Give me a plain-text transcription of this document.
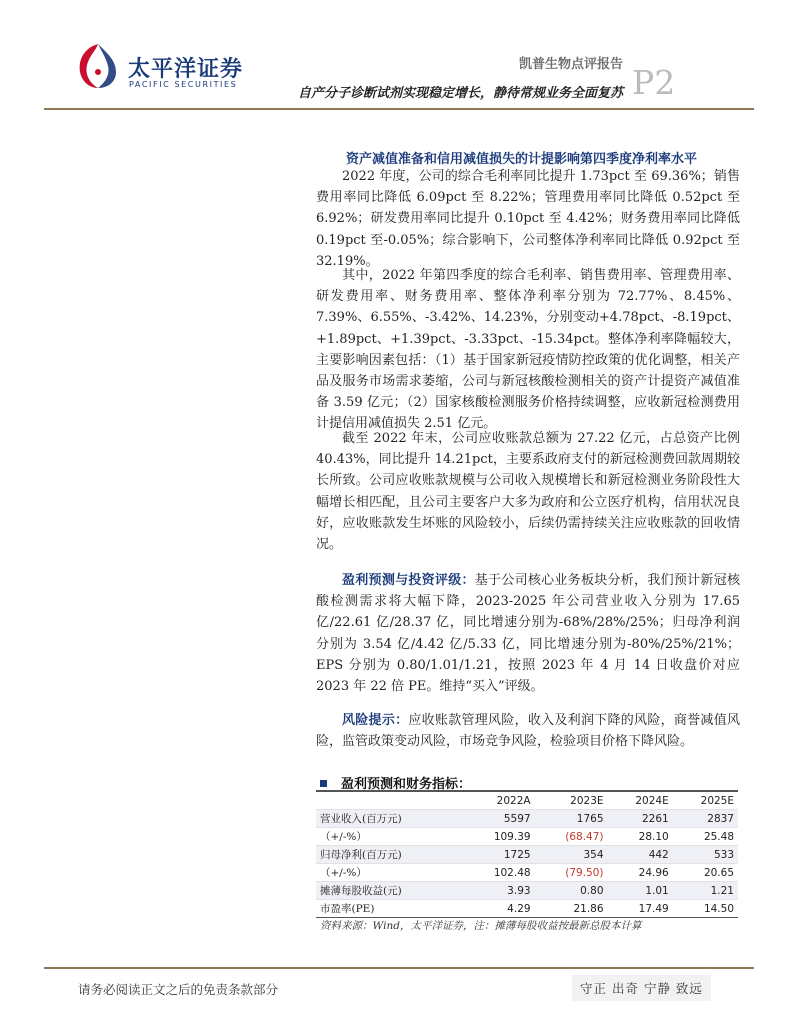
太平洋证券
PACIFIC SECURITIES
凯普生物点评报告
自产分子诊断试剂实现稳定增长，静待常规业务全面复苏 P2
资产减值准备和信用减值损失的计提影响第四季度净利率水平
2022 年度，公司的综合毛利率同比提升 1.73pct 至 69.36%；销售费用率同比降低 6.09pct 至 8.22%；管理费用率同比降低 0.52pct 至 6.92%；研发费用率同比提升 0.10pct 至 4.42%；财务费用率同比降低 0.19pct 至-0.05%；综合影响下，公司整体净利率同比降低 0.92pct 至 32.19%。
其中，2022 年第四季度的综合毛利率、销售费用率、管理费用率、研发费用率、财务费用率、整体净利率分别为 72.77%、8.45%、7.39%、6.55%、-3.42%、14.23%，分别变动+4.78pct、-8.19pct、+1.89pct、+1.39pct、-3.33pct、-15.34pct。整体净利率降幅较大，主要影响因素包括：（1）基于国家新冠疫情防控政策的优化调整，相关产品及服务市场需求萎缩，公司与新冠核酸检测相关的资产计提资产减值准备 3.59 亿元；（2）国家核酸检测服务价格持续调整，应收新冠检测费用计提信用减值损失 2.51 亿元。
截至 2022 年末，公司应收账款总额为 27.22 亿元，占总资产比例 40.43%，同比提升 14.21pct，主要系政府支付的新冠检测费回款周期较长所致。公司应收账款规模与公司收入规模增长和新冠检测业务阶段性大幅增长相匹配，且公司主要客户大多为政府和公立医疗机构，信用状况良好，应收账款发生坏账的风险较小，后续仍需持续关注应收账款的回收情况。
盈利预测与投资评级：基于公司核心业务板块分析，我们预计新冠核酸检测需求将大幅下降，2023-2025 年公司营业收入分别为 17.65 亿/22.61 亿/28.37 亿，同比增速分别为-68%/28%/25%；归母净利润分别为 3.54 亿/4.42 亿/5.33 亿，同比增速分别为-80%/25%/21%；EPS 分别为 0.80/1.01/1.21，按照 2023 年 4 月 14 日收盘价对应 2023 年 22 倍 PE。维持“买入”评级。
风险提示：应收账款管理风险，收入及利润下降的风险，商誉减值风险，监管政策变动风险，市场竞争风险，检验项目价格下降风险。
盈利预测和财务指标：
	2022A	2023E	2024E	2025E
营业收入(百万元)	5597	1765	2261	2837
（+/-%）	109.39	(68.47)	28.10	25.48
归母净利(百万元)	1725	354	442	533
（+/-%）	102.48	(79.50)	24.96	20.65
摊薄每股收益(元)	3.93	0.80	1.01	1.21
市盈率(PE)	4.29	21.86	17.49	14.50
资料来源：Wind，太平洋证券，注：摊薄每股收益按最新总股本计算
请务必阅读正文之后的免责条款部分	守正 出奇 宁静 致远
